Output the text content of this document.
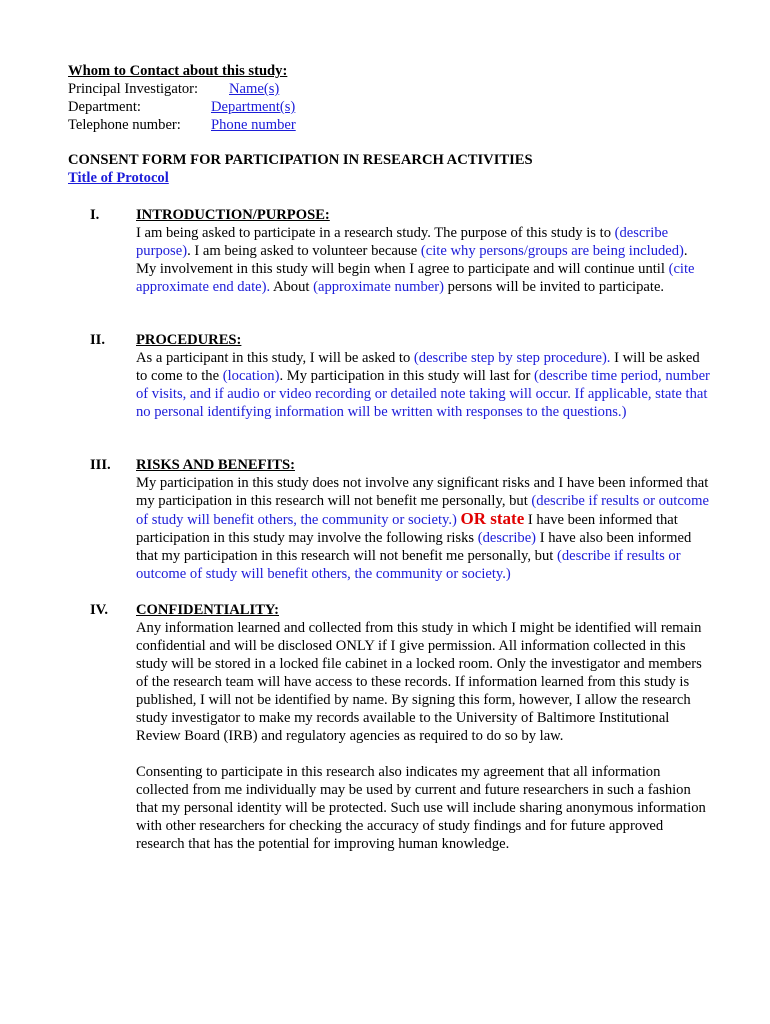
Whom to Contact about this study:
Principal Investigator: Name(s)
Department:	Department(s)
Telephone number: Phone number
CONSENT FORM FOR PARTICIPATION IN RESEARCH ACTIVITIES
Title of Protocol
I.	INTRODUCTION/PURPOSE:

I am being asked to participate in a research study. The purpose of this study is to (describe purpose). I am being asked to volunteer because (cite why persons/groups are being included). My involvement in this study will begin when I agree to participate and will continue until (cite approximate end date). About (approximate number) persons will be invited to participate.

II. PROCEDURES:

As a participant in this study, I will be asked to (describe step by step procedure). I will be asked to come to the (location). My participation in this study will last for (describe time period, number of visits, and if audio or video recording or detailed note taking will occur. If applicable, state that no personal identifying information will be written with responses to the questions.)

III. RISKS AND BENEFITS:

My participation in this study does not involve any significant risks and I have been informed that my participation in this research will not benefit me personally, but (describe if results or outcome of study will benefit others, the community or society.) OR state I have been informed that participation in this study may involve the following risks (describe) I have also been informed that my participation in this research will not benefit me personally, but (describe if results or outcome of study will benefit others, the community or society.)

IV. CONFIDENTIALITY:

Any information learned and collected from this study in which I might be identified will remain confidential and will be disclosed ONLY if I give permission. All information collected in this study will be stored in a locked file cabinet in a locked room. Only the investigator and members of the research team will have access to these records. If information learned from this study is published, I will not be identified by name. By signing this form, however, I allow the research study investigator to make my records available to the University of Baltimore Institutional Review Board (IRB) and regulatory agencies as required to do so by law.

Consenting to participate in this research also indicates my agreement that all information collected from me individually may be used by current and future researchers in such a fashion that my personal identity will be protected. Such use will include sharing anonymous information with other researchers for checking the accuracy of study findings and for future approved research that has the potential for improving human knowledge.
